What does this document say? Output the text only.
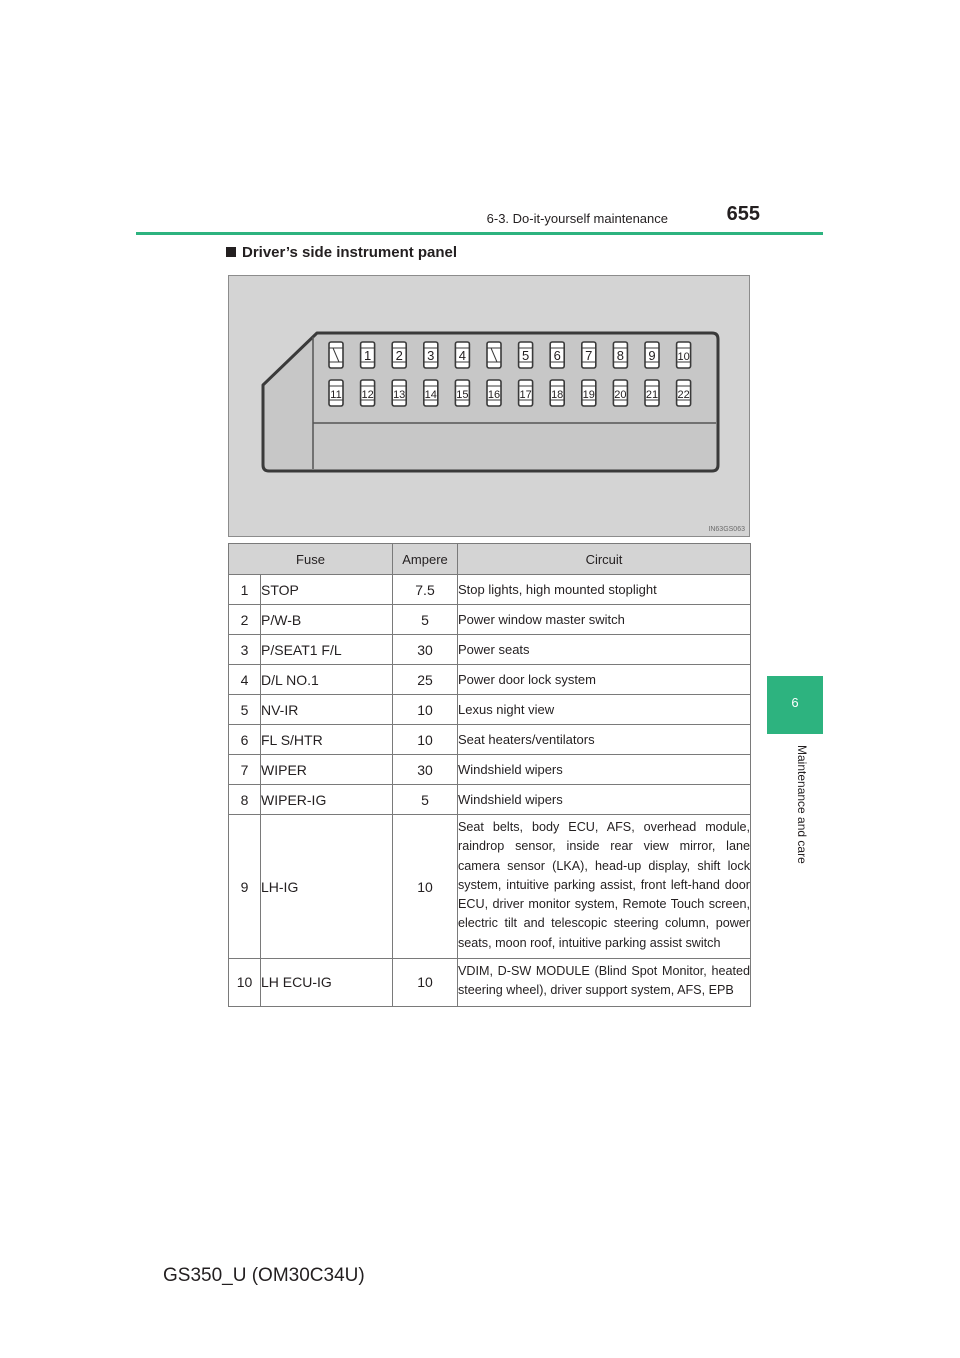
6-3. Do-it-yourself maintenance	655
6
Maintenance and care
Driver’s side instrument panel
1 2 3 4	5 6 7 8 9 10
11 12 13 14 15 16 17 18 19 20 21 22
IN63GS063
Fuse		Ampere	Circuit
1	STOP	7.5	Stop lights, high mounted stoplight
2	P/W-B	5	Power window master switch
3	P/SEAT1 F/L	30	Power seats
4	D/L NO.1	25	Power door lock system
5	NV-IR	10	Lexus night view
6	FL S/HTR	10	Seat heaters/ventilators
7	WIPER	30	Windshield wipers
8	WIPER-IG	5	Windshield wipers
9	LH-IG	10	Seat belts, body ECU, AFS, overhead module, raindrop sensor, inside rear view mirror, lane camera sensor (LKA), head-up display, shift lock system, intuitive parking assist, front left-hand door ECU, driver monitor system, Remote Touch screen, electric tilt and telescopic steering column, power seats, moon roof, intuitive parking assist switch
10	LH ECU-IG	10	VDIM, D-SW MODULE (Blind Spot Monitor, heated steering wheel), driver support system, AFS, EPB
GS350_U (OM30C34U)
